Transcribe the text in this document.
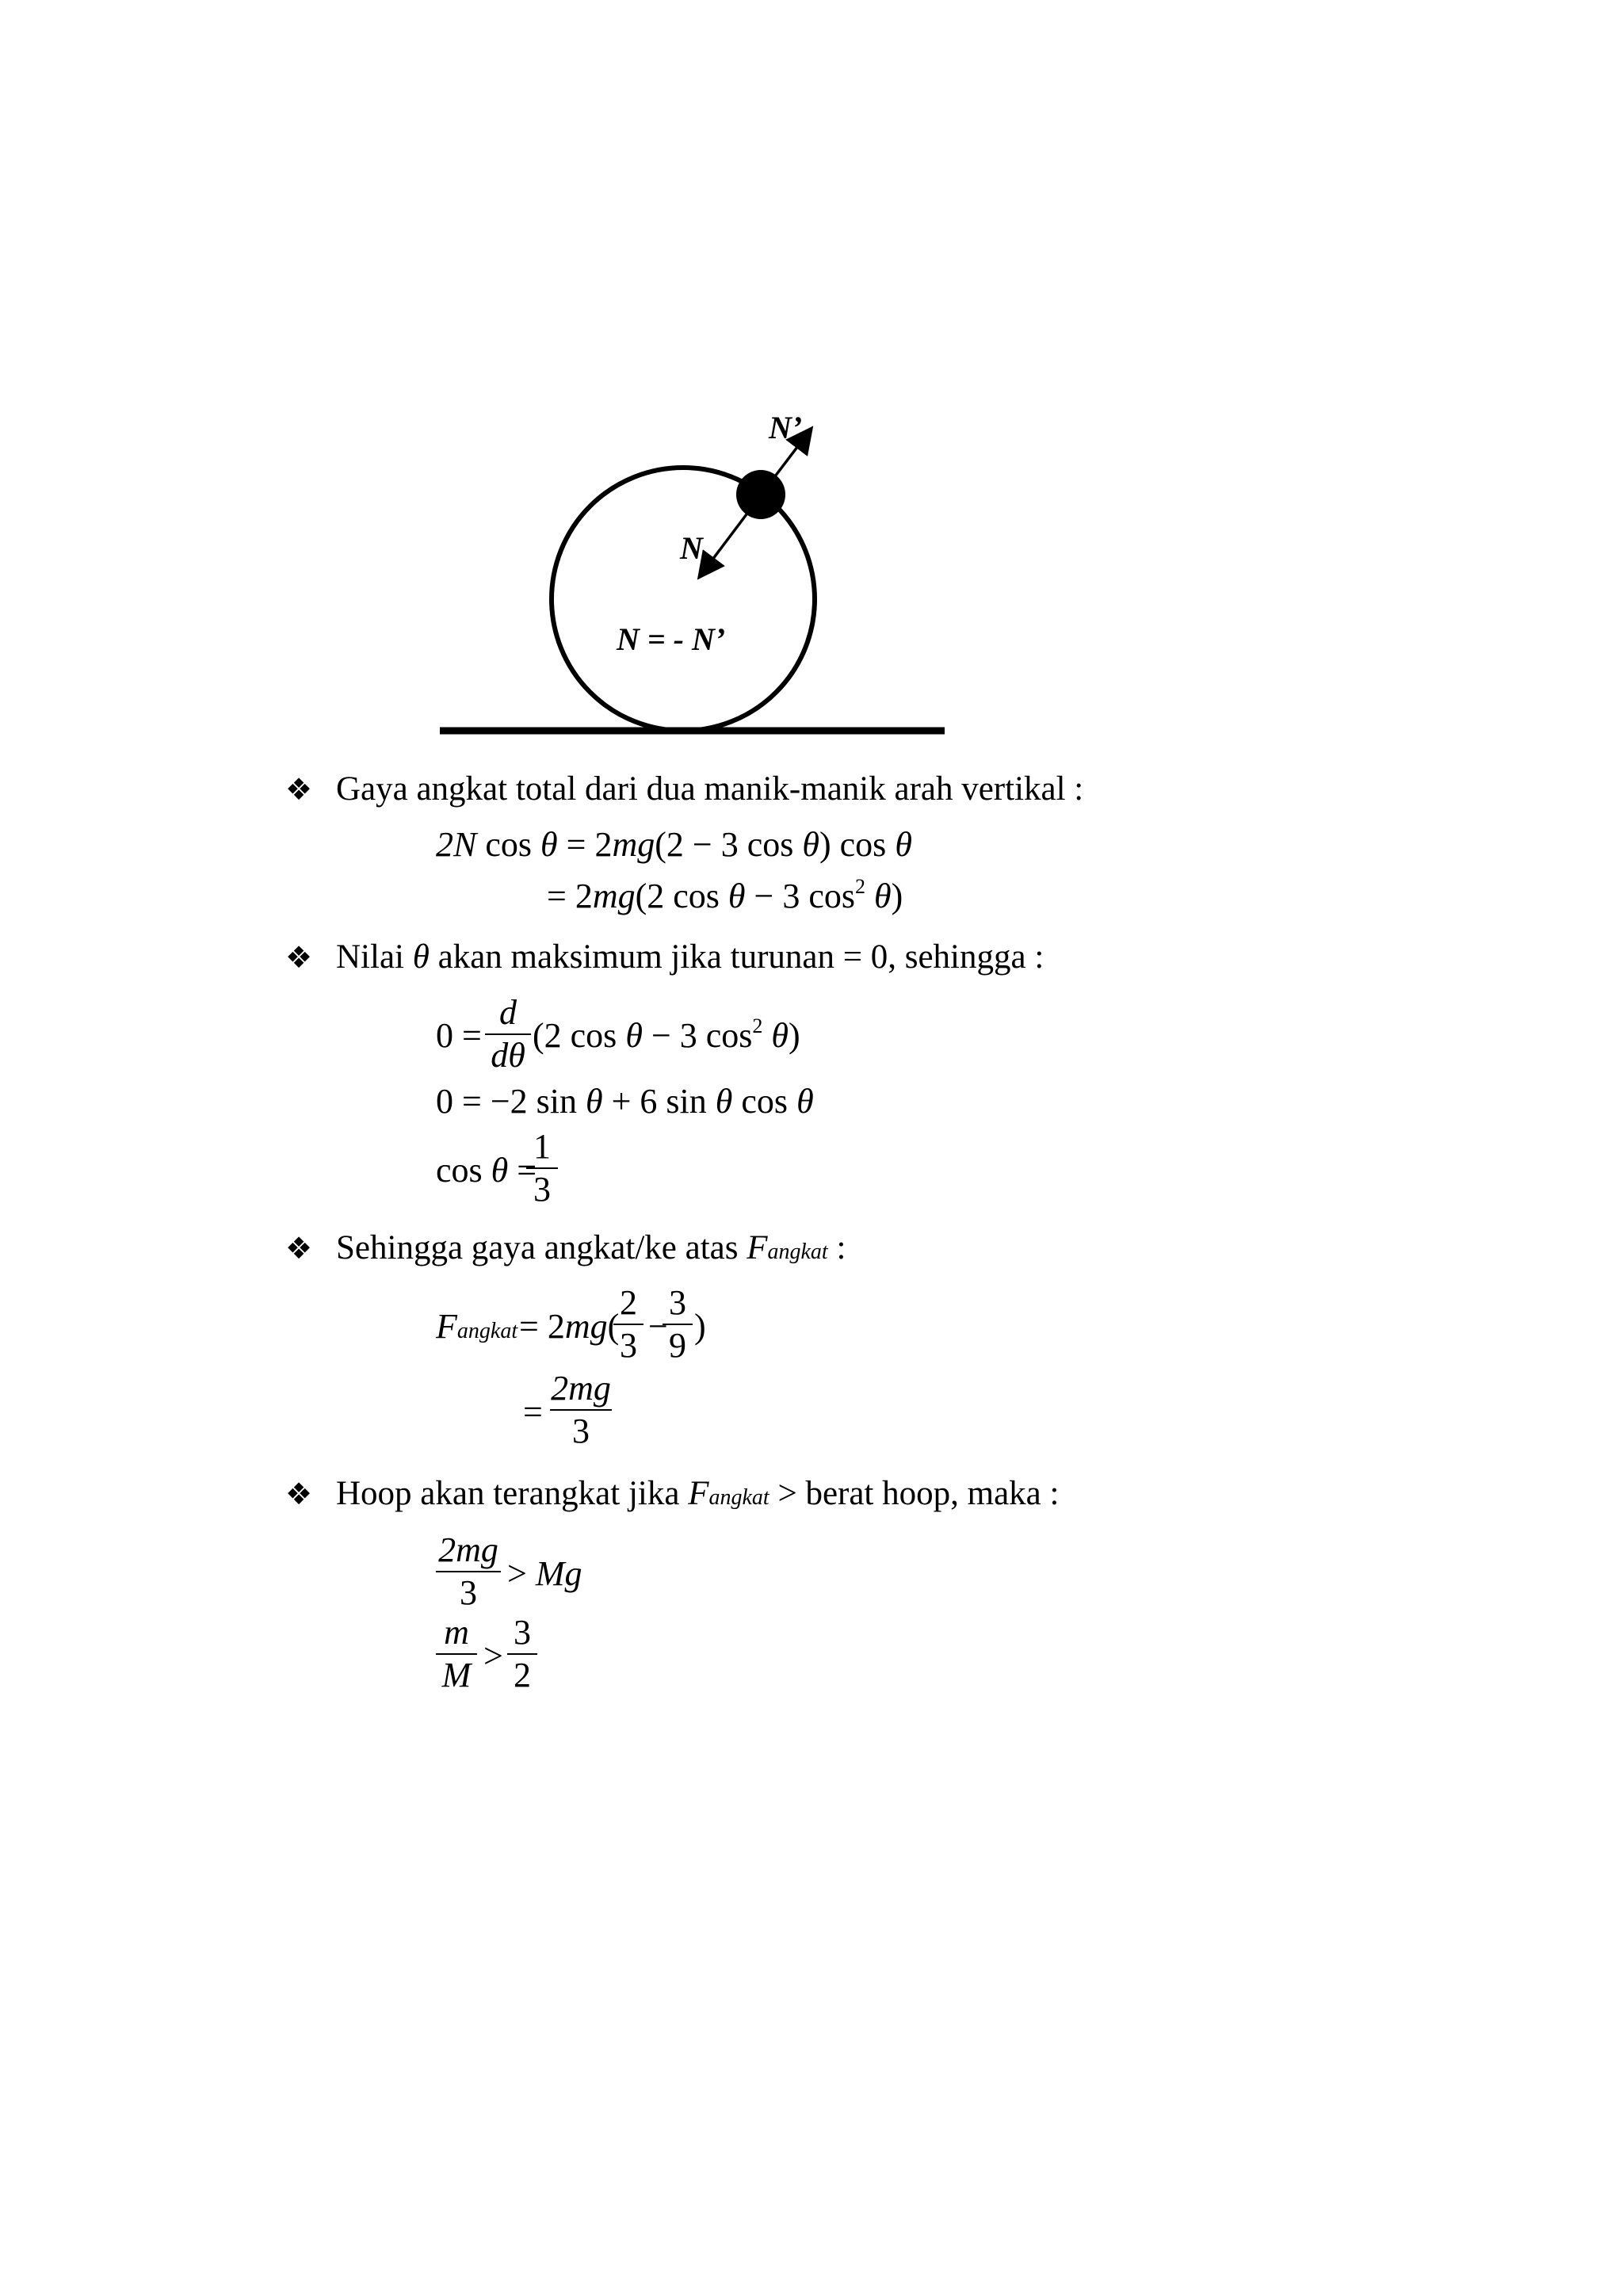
N’
N
N = - N’
❖ Gaya angkat total dari dua manik-manik arah vertikal :
2N cos θ = 2mg(2 − 3 cos θ) cos θ
= 2mg(2 cos θ − 3 $\cos^2 \theta$)
❖ Nilai θ akan maksimum jika turunan = 0, sehingga :
0 =
d
dθ
(2 cos θ − 3 $\cos^2 \theta$)
0 = −2 sin θ + 6 sin θ cos θ
cos θ =
1
3
❖ Sehingga gaya angkat/ke atas Fangkat :
Fangkat = 2mg(
2
3 −
3
9 )
=
2mg
3
❖ Hoop akan terangkat jika Fangkat > berat hoop, maka :
2mg
3 > Mg
m
M >
3
2
